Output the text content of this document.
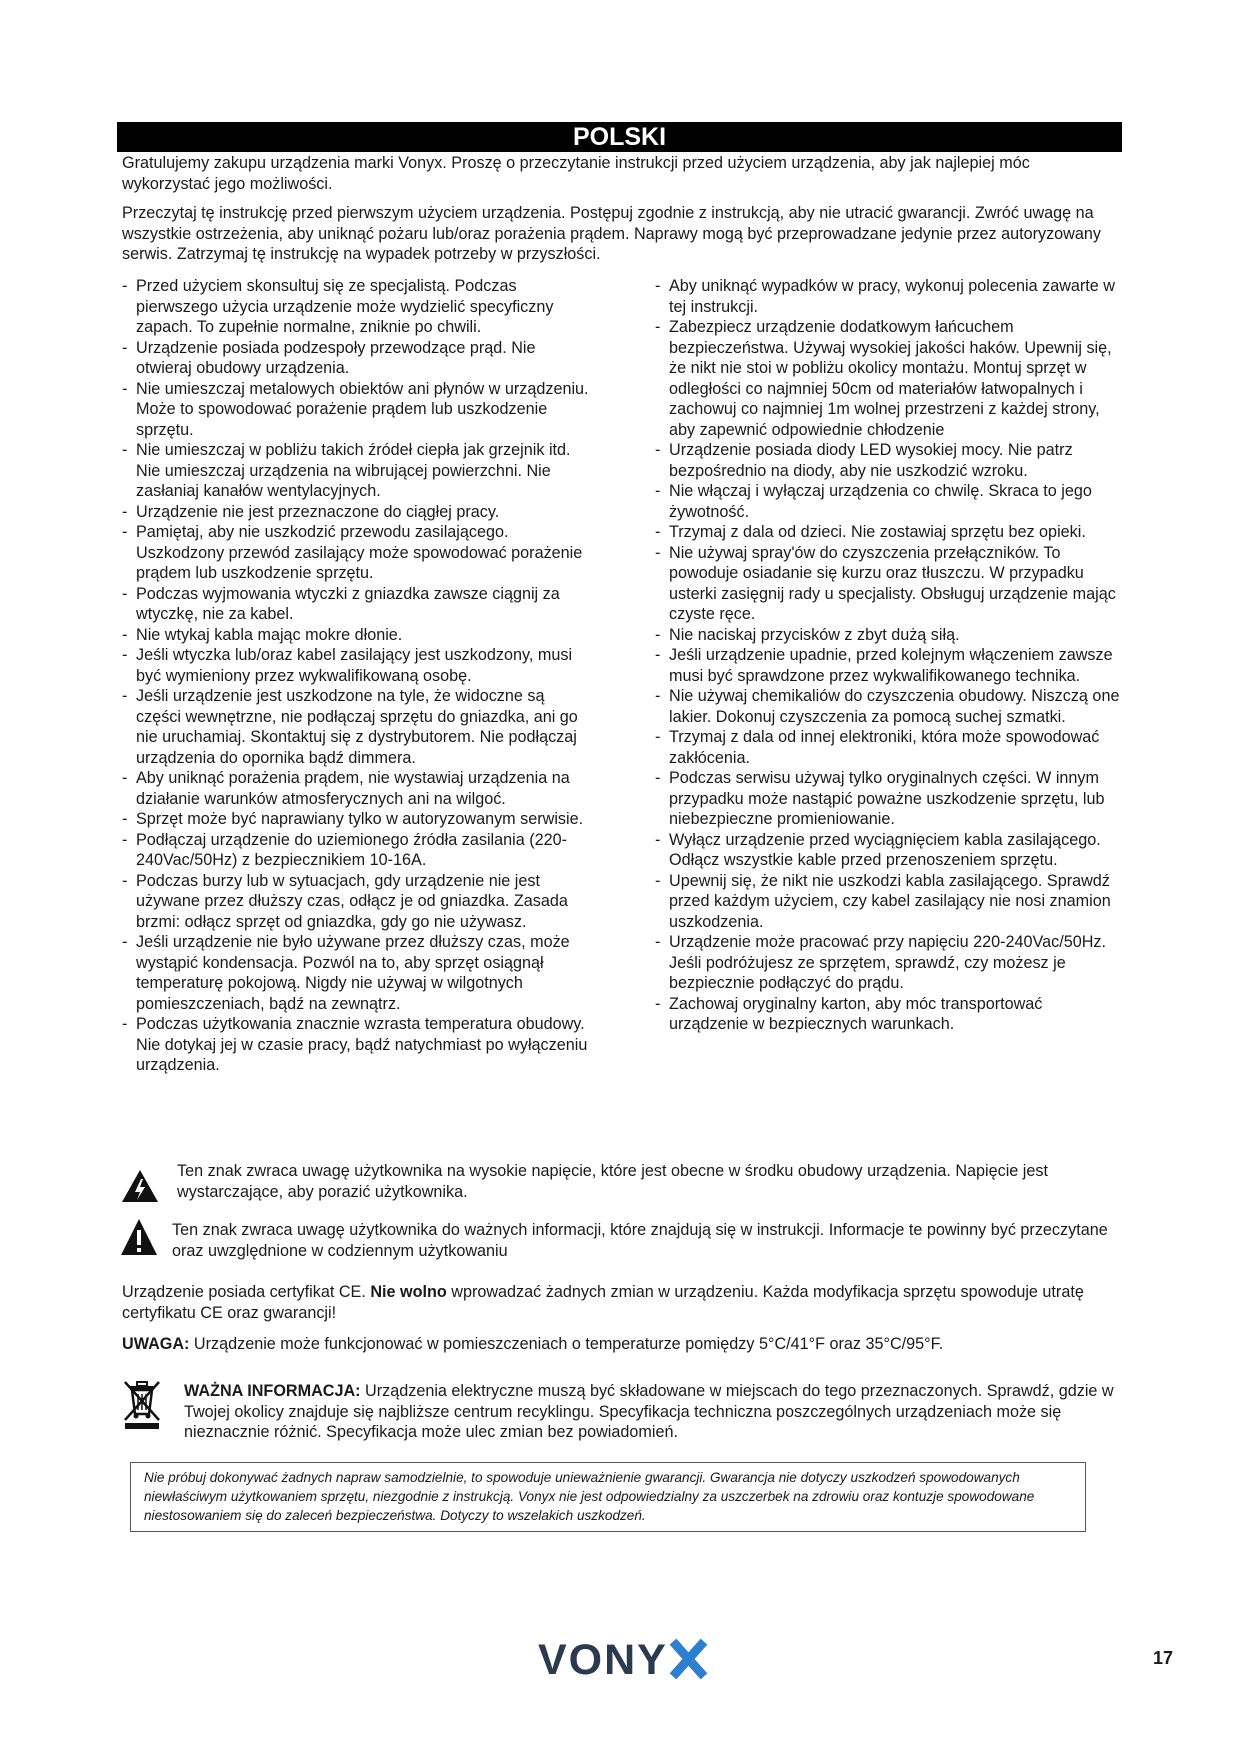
POLSKI

Gratulujemy zakupu urządzenia marki Vonyx. Proszę o przeczytanie instrukcji przed użyciem urządzenia, aby jak najlepiej móc wykorzystać jego możliwości.

Przeczytaj tę instrukcję przed pierwszym użyciem urządzenia. Postępuj zgodnie z instrukcją, aby nie utracić gwarancji. Zwróć uwagę na wszystkie ostrzeżenia, aby uniknąć pożaru lub/oraz porażenia prądem. Naprawy mogą być przeprowadzane jedynie przez autoryzowany serwis. Zatrzymaj tę instrukcję na wypadek potrzeby w przyszłości.

- Przed użyciem skonsultuj się ze specjalistą. Podczas pierwszego użycia urządzenie może wydzielić specyficzny zapach. To zupełnie normalne, zniknie po chwili.
- Urządzenie posiada podzespoły przewodzące prąd. Nie otwieraj obudowy urządzenia.
- Nie umieszczaj metalowych obiektów ani płynów w urządzeniu. Może to spowodować porażenie prądem lub uszkodzenie sprzętu.
- Nie umieszczaj w pobliżu takich źródeł ciepła jak grzejnik itd. Nie umieszczaj urządzenia na wibrującej powierzchni. Nie zasłaniaj kanałów wentylacyjnych.
- Urządzenie nie jest przeznaczone do ciągłej pracy.
- Pamiętaj, aby nie uszkodzić przewodu zasilającego. Uszkodzony przewód zasilający może spowodować porażenie prądem lub uszkodzenie sprzętu.
- Podczas wyjmowania wtyczki z gniazdka zawsze ciągnij za wtyczkę, nie za kabel.
- Nie wtykaj kabla mając mokre dłonie.
- Jeśli wtyczka lub/oraz kabel zasilający jest uszkodzony, musi być wymieniony przez wykwalifikowaną osobę.
- Jeśli urządzenie jest uszkodzone na tyle, że widoczne są części wewnętrzne, nie podłączaj sprzętu do gniazdka, ani go nie uruchamiaj. Skontaktuj się z dystrybutorem. Nie podłączaj urządzenia do opornika bądź dimmera.
- Aby uniknąć porażenia prądem, nie wystawiaj urządzenia na działanie warunków atmosferycznych ani na wilgoć.
- Sprzęt może być naprawiany tylko w autoryzowanym serwisie.
- Podłączaj urządzenie do uziemionego źródła zasilania (220-240Vac/50Hz) z bezpiecznikiem 10-16A.
- Podczas burzy lub w sytuacjach, gdy urządzenie nie jest używane przez dłuższy czas, odłącz je od gniazdka. Zasada brzmi: odłącz sprzęt od gniazdka, gdy go nie używasz.
- Jeśli urządzenie nie było używane przez dłuższy czas, może wystąpić kondensacja. Pozwól na to, aby sprzęt osiągnął temperaturę pokojową. Nigdy nie używaj w wilgotnych pomieszczeniach, bądź na zewnątrz.
- Podczas użytkowania znacznie wzrasta temperatura obudowy. Nie dotykaj jej w czasie pracy, bądź natychmiast po wyłączeniu urządzenia.
- Aby uniknąć wypadków w pracy, wykonuj polecenia zawarte w tej instrukcji.
- Zabezpiecz urządzenie dodatkowym łańcuchem bezpieczeństwa. Używaj wysokiej jakości haków. Upewnij się, że nikt nie stoi w pobliżu okolicy montażu. Montuj sprzęt w odległości co najmniej 50cm od materiałów łatwopalnych i zachowuj co najmniej 1m wolnej przestrzeni z każdej strony, aby zapewnić odpowiednie chłodzenie
- Urządzenie posiada diody LED wysokiej mocy. Nie patrz bezpośrednio na diody, aby nie uszkodzić wzroku.
- Nie włączaj i wyłączaj urządzenia co chwilę. Skraca to jego żywotność.
- Trzymaj z dala od dzieci. Nie zostawiaj sprzętu bez opieki.
- Nie używaj spray'ów do czyszczenia przełączników. To powoduje osiadanie się kurzu oraz tłuszczu. W przypadku usterki zasięgnij rady u specjalisty. Obsługuj urządzenie mając czyste ręce.
- Nie naciskaj przycisków z zbyt dużą siłą.
- Jeśli urządzenie upadnie, przed kolejnym włączeniem zawsze musi być sprawdzone przez wykwalifikowanego technika.
- Nie używaj chemikaliów do czyszczenia obudowy. Niszczą one lakier. Dokonuj czyszczenia za pomocą suchej szmatki.
- Trzymaj z dala od innej elektroniki, która może spowodować zakłócenia.
- Podczas serwisu używaj tylko oryginalnych części. W innym przypadku może nastąpić poważne uszkodzenie sprzętu, lub niebezpieczne promieniowanie.
- Wyłącz urządzenie przed wyciągnięciem kabla zasilającego. Odłącz wszystkie kable przed przenoszeniem sprzętu.
- Upewnij się, że nikt nie uszkodzi kabla zasilającego. Sprawdź przed każdym użyciem, czy kabel zasilający nie nosi znamion uszkodzenia.
- Urządzenie może pracować przy napięciu 220-240Vac/50Hz. Jeśli podróżujesz ze sprzętem, sprawdź, czy możesz je bezpiecznie podłączyć do prądu.
- Zachowaj oryginalny karton, aby móc transportować urządzenie w bezpiecznych warunkach.

Ten znak zwraca uwagę użytkownika na wysokie napięcie, które jest obecne w środku obudowy urządzenia. Napięcie jest wystarczające, aby porazić użytkownika.

Ten znak zwraca uwagę użytkownika do ważnych informacji, które znajdują się w instrukcji. Informacje te powinny być przeczytane oraz uwzględnione w codziennym użytkowaniu

Urządzenie posiada certyfikat CE. Nie wolno wprowadzać żadnych zmian w urządzeniu. Każda modyfikacja sprzętu spowoduje utratę certyfikatu CE oraz gwarancji!

UWAGA: Urządzenie może funkcjonować w pomieszczeniach o temperaturze pomiędzy 5°C/41°F oraz 35°C/95°F.

WAŻNA INFORMACJA: Urządzenia elektryczne muszą być składowane w miejscach do tego przeznaczonych. Sprawdź, gdzie w Twojej okolicy znajduje się najbliższe centrum recyklingu. Specyfikacja techniczna poszczególnych urządzeniach może się nieznacznie różnić. Specyfikacja może ulec zmian bez powiadomień.

Nie próbuj dokonywać żadnych napraw samodzielnie, to spowoduje unieważnienie gwarancji. Gwarancja nie dotyczy uszkodzeń spowodowanych niewłaściwym użytkowaniem sprzętu, niezgodnie z instrukcją. Vonyx nie jest odpowiedzialny za uszczerbek na zdrowiu oraz kontuzje spowodowane niestosowaniem się do zaleceń bezpieczeństwa. Dotyczy to wszelakich uszkodzeń.

VONY	17
